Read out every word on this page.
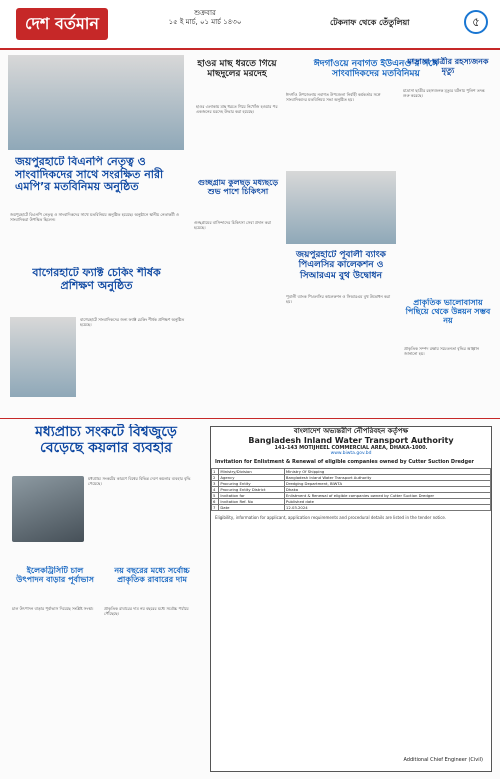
দেশ বর্তমান
শুক্রবার
১৫ ই মার্চ, ০১ মার্চ ১৪৩০	টেকনাফ থেকে তেঁতুলিয়া	৫
জয়পুরহাটে বিএনপি নেতৃত্ব ও সাংবাদিকদের সাথে সংরক্ষিত নারী এমপি’র মতবিনিময় অনুষ্ঠিত
জয়পুরহাটে বিএনপি নেতৃত্ব ও সাংবাদিকদের সাথে মতবিনিময় অনুষ্ঠিত হয়েছে। অনুষ্ঠানে স্থানীয় নেতাকর্মী ও সাংবাদিকরা উপস্থিত ছিলেন।
হাওর মাছ ধরতে গিয়ে মাছদুলের মরদেহ
হাওর এলাকায় মাছ ধরতে গিয়ে নিখোঁজ হওয়ার পর একজনের মরদেহ উদ্ধার করা হয়েছে।
ঈদগাঁওয়ে নবাগত ইউএনও’র সঙ্গে সাংবাদিকদের মতবিনিময়
ঈদগাঁও উপজেলায় নবাগত উপজেলা নির্বাহী কর্মকর্তার সঙ্গে সাংবাদিকদের মতবিনিময় সভা অনুষ্ঠিত হয়।
মাদ্রাসা ছাত্রীর রহস্যজনক মৃত্যু
মাদ্রাসা ছাত্রীর রহস্যজনক মৃত্যুর ঘটনায় পুলিশ তদন্ত শুরু করেছে।
জয়পুরহাটে পূবালী ব্যাংক পিএলসির কালেকশন ও সিআরএম বুথ উদ্বোধন
পূবালী ব্যাংক পিএলসির কালেকশন ও সিআরএম বুথ উদ্বোধন করা হয়।	প্রাকৃতিক ভালোবাসায় পিছিয়ে থেকে উন্নয়ন সম্ভব নয়
প্রাকৃতিক সম্পদ রক্ষায় সচেতনতা বৃদ্ধির আহ্বান জানানো হয়।
গুচ্ছগ্রাম কুলছড় মধ্যছড়ে শুভ পাশে চিকিৎসা
গুচ্ছগ্রামের বাসিন্দাদের চিকিৎসা সেবা প্রদান করা হয়েছে।
বাগেরহাটে ফ্যাক্ট চেকিং শীর্ষক প্রশিক্ষণ অনুষ্ঠিত
বাগেরহাটে সাংবাদিকদের জন্য ফ্যাক্ট চেকিং শীর্ষক প্রশিক্ষণ অনুষ্ঠিত হয়েছে।
মধ্যপ্রাচ্য সংকটে বিশ্বজুড়ে বেড়েছে কয়লার ব্যবহার
মধ্যপ্রাচ্য সংকটের কারণে বিশ্বের বিভিন্ন দেশে কয়লার ব্যবহার বৃদ্ধি পেয়েছে।
ইলেকট্রিসিটি চাল উৎপাদন বাড়ার পূর্বাভাস
চাল উৎপাদন বাড়ার পূর্বাভাস দিয়েছে সংশ্লিষ্ট সংস্থা।
নয় বছরের মধ্যে সর্বোচ্চ প্রাকৃতিক রাবারের দাম
প্রাকৃতিক রাবারের দাম নয় বছরের মধ্যে সর্বোচ্চ পর্যায়ে পৌঁছেছে।
বাংলাদেশ অভ্যন্তরীণ নৌপরিবহন কর্তৃপক্ষ
Bangladesh Inland Water Transport Authority
141-143 MOTIJHEEL COMMERCIAL AREA, DHAKA-1000.
www.biwta.gov.bd
Invitation for Enlistment & Renewal of eligible companies owned by Cutter Suction Dredger
1	Ministry/Division	Ministry Of Shipping
2	Agency	Bangladesh Inland Water Transport Authority
3	Procuring Entity	Dredging Department, BIWTA
4	Procuring Entity District	Dhaka
5	Invitation for	Enlistment & Renewal of eligible companies owned by Cutter Suction Dredger
6	Invitation Ref. No	Published date
7	Date	12.03.2024
Eligibility, information for applicant, application requirements and procedural details are listed in the tender notice.
Additional Chief Engineer (Civil)
